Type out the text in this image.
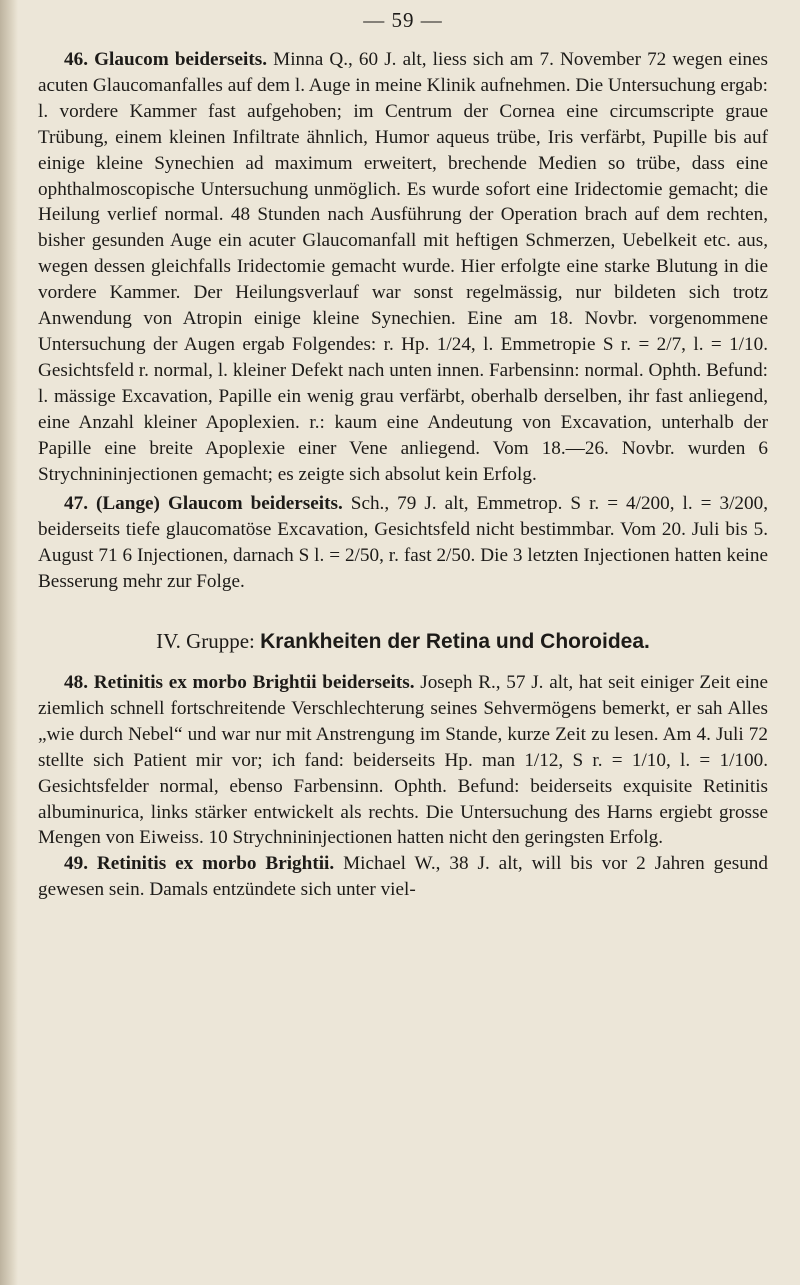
— 59 —

46. Glaucom beiderseits. Minna Q., 60 J. alt, liess sich am 7. November 72 wegen eines acuten Glaucomanfalles auf dem l. Auge in meine Klinik aufnehmen. Die Untersuchung ergab: l. vordere Kammer fast aufgehoben; im Centrum der Cornea eine circumscripte graue Trübung, einem kleinen Infiltrate ähnlich, Humor aqueus trübe, Iris verfärbt, Pupille bis auf einige kleine Synechien ad maximum erweitert, brechende Medien so trübe, dass eine ophthalmoscopische Untersuchung unmöglich. Es wurde sofort eine Iridectomie gemacht; die Heilung verlief normal. 48 Stunden nach Ausführung der Operation brach auf dem rechten, bisher gesunden Auge ein acuter Glaucomanfall mit heftigen Schmerzen, Uebelkeit etc. aus, wegen dessen gleichfalls Iridectomie gemacht wurde. Hier erfolgte eine starke Blutung in die vordere Kammer. Der Heilungsverlauf war sonst regelmässig, nur bildeten sich trotz Anwendung von Atropin einige kleine Synechien. Eine am 18. Novbr. vorgenommene Untersuchung der Augen ergab Folgendes: r. Hp. 1/24, l. Emmetropie S r. = 2/7, l. = 1/10. Gesichtsfeld r. normal, l. kleiner Defekt nach unten innen. Farbensinn: normal. Ophth. Befund: l. mässige Excavation, Papille ein wenig grau verfärbt, oberhalb derselben, ihr fast anliegend, eine Anzahl kleiner Apoplexien. r.: kaum eine Andeutung von Excavation, unterhalb der Papille eine breite Apoplexie einer Vene anliegend. Vom 18.—26. Novbr. wurden 6 Strychnininjectionen gemacht; es zeigte sich absolut kein Erfolg.

47. (Lange) Glaucom beiderseits. Sch., 79 J. alt, Emmetrop. S r. = 4/200, l. = 3/200, beiderseits tiefe glaucomatöse Excavation, Gesichtsfeld nicht bestimmbar. Vom 20. Juli bis 5. August 71 6 Injectionen, darnach S l. = 2/50, r. fast 2/50. Die 3 letzten Injectionen hatten keine Besserung mehr zur Folge.

IV. Gruppe: Krankheiten der Retina und Choroidea.

48. Retinitis ex morbo Brightii beiderseits. Joseph R., 57 J. alt, hat seit einiger Zeit eine ziemlich schnell fortschreitende Verschlechterung seines Sehvermögens bemerkt, er sah Alles „wie durch Nebel“ und war nur mit Anstrengung im Stande, kurze Zeit zu lesen. Am 4. Juli 72 stellte sich Patient mir vor; ich fand: beiderseits Hp. man 1/12, S r. = 1/10, l. = 1/100. Gesichtsfelder normal, ebenso Farbensinn. Ophth. Befund: beiderseits exquisite Retinitis albuminurica, links stärker entwickelt als rechts. Die Untersuchung des Harns ergiebt grosse Mengen von Eiweiss. 10 Strychnininjectionen hatten nicht den geringsten Erfolg.

49. Retinitis ex morbo Brightii. Michael W., 38 J. alt, will bis vor 2 Jahren gesund gewesen sein. Damals entzündete sich unter viel-
